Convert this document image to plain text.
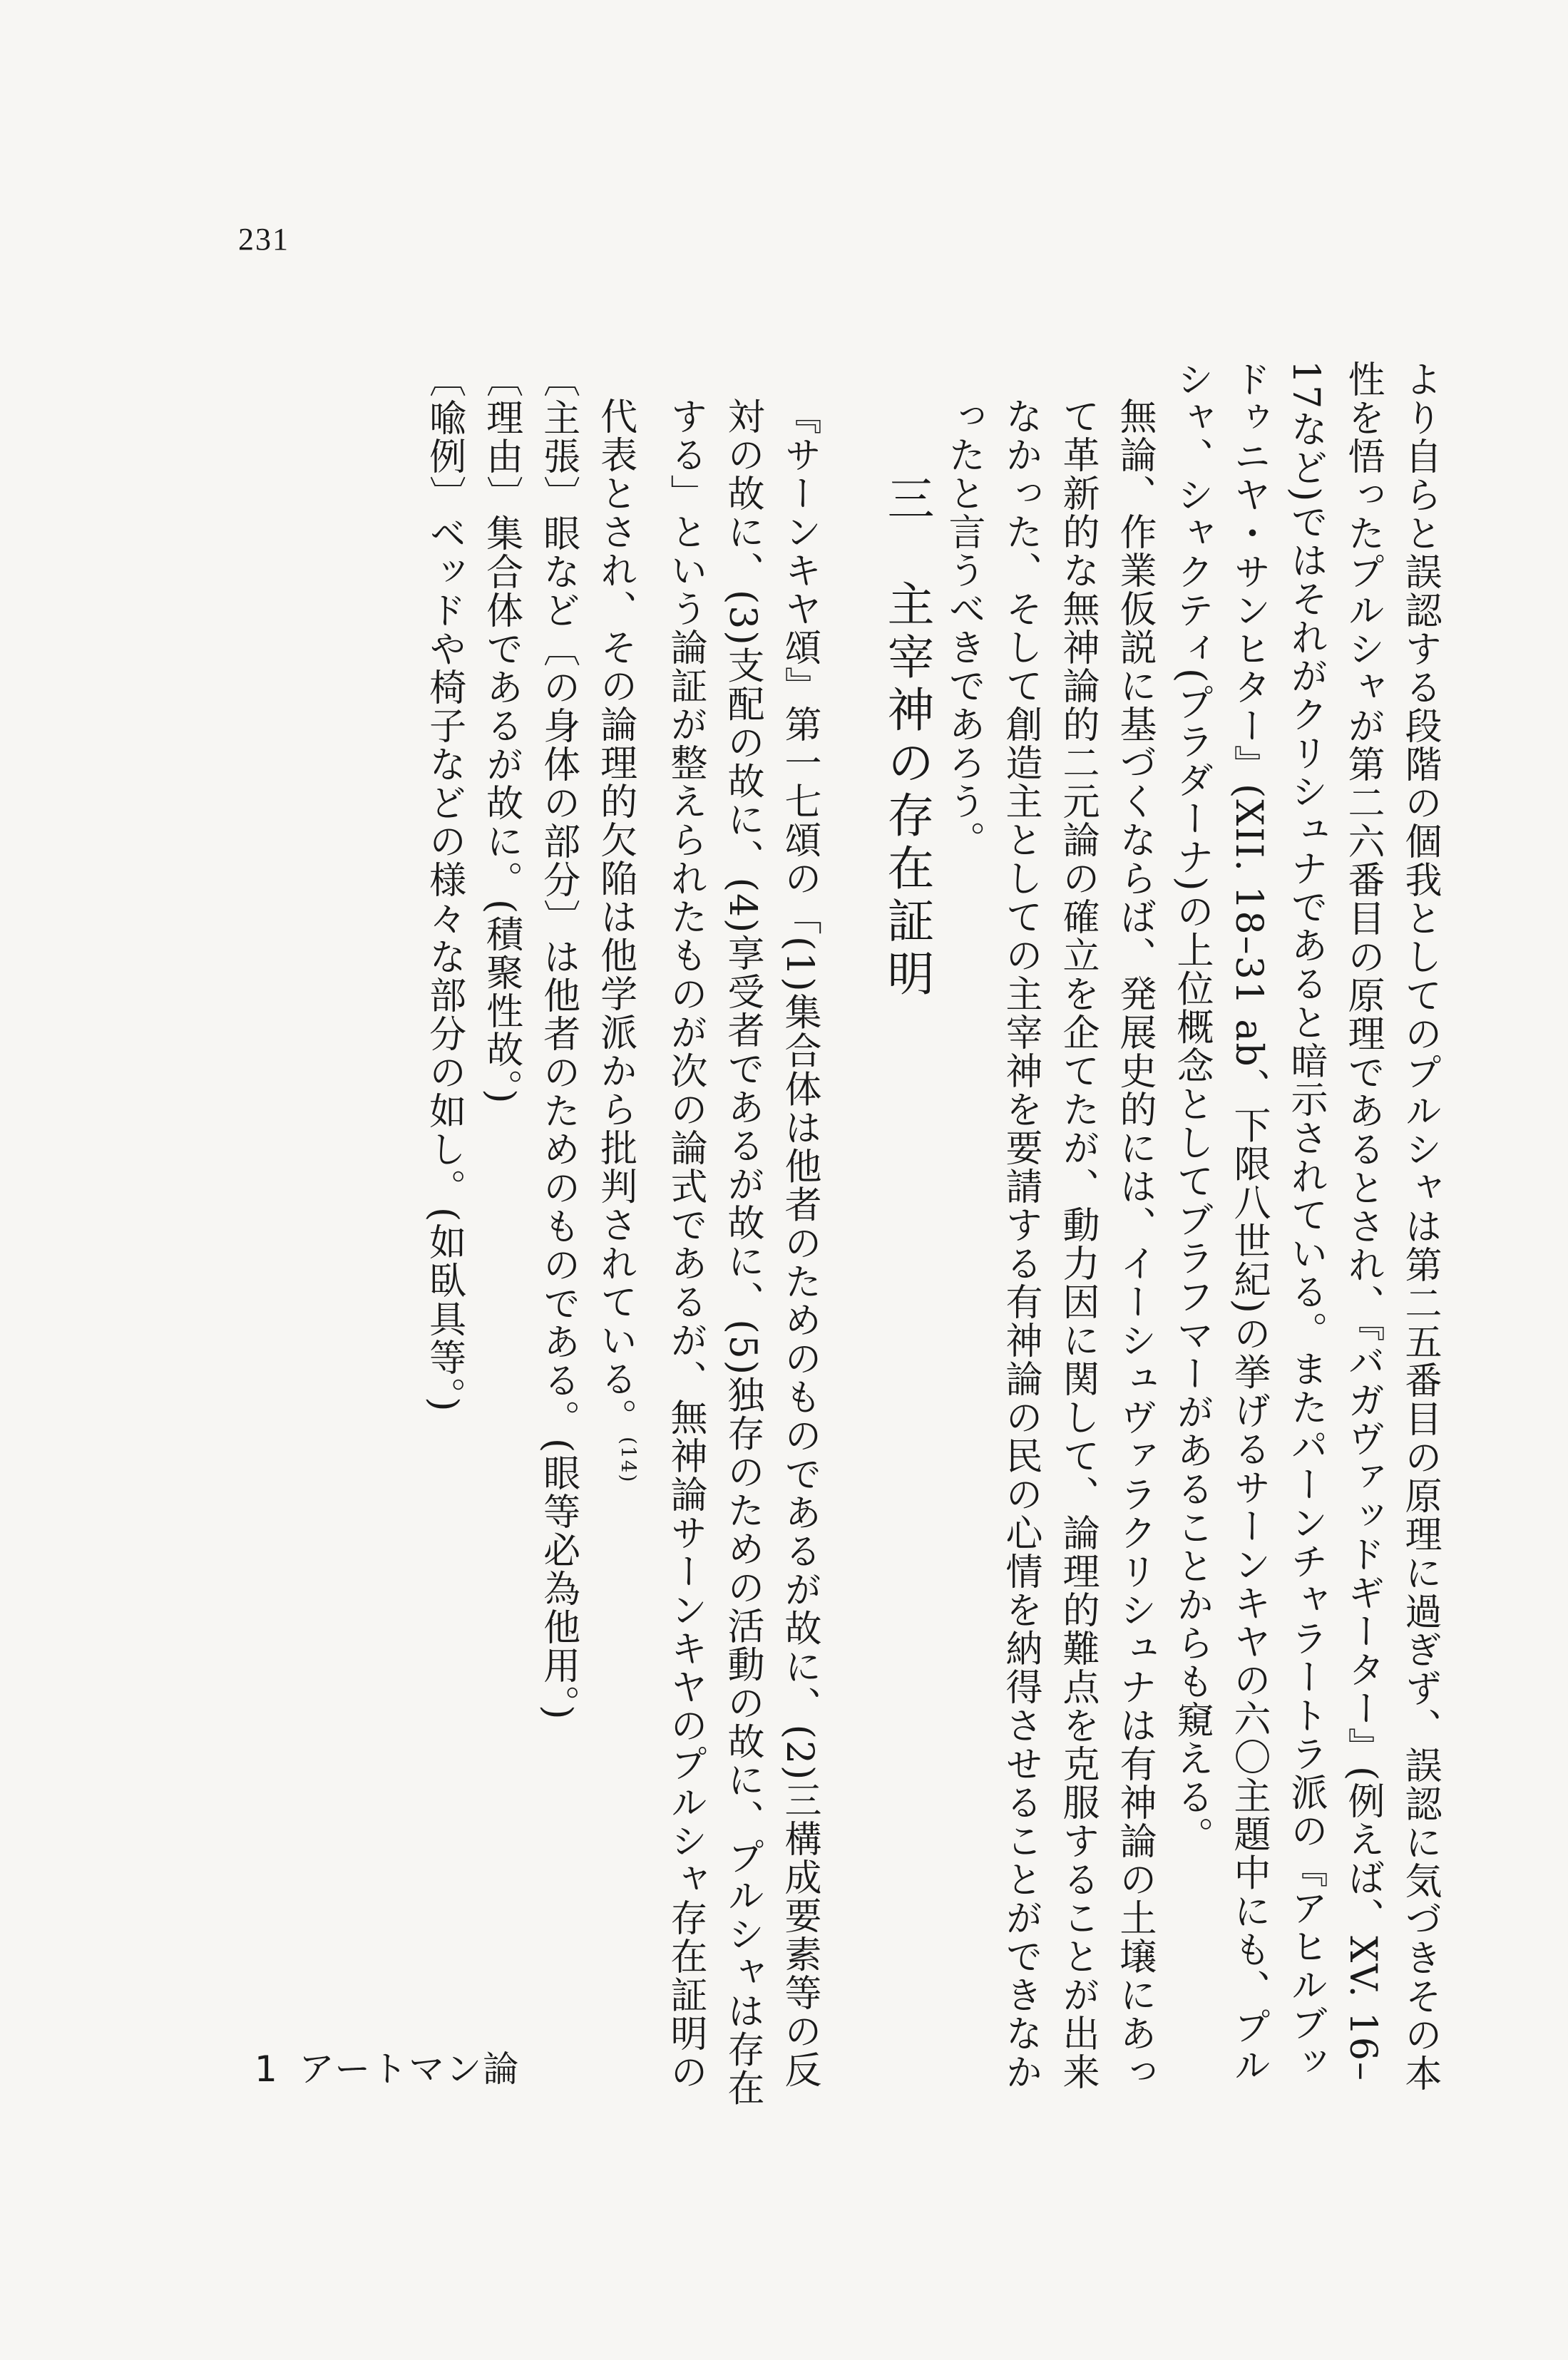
231

より自らと誤認する段階の個我としてのプルシャは第二五番目の原理に過ぎず、誤認に気づきその本性を悟ったプルシャが第二六番目の原理であるとされ、『バガヴァッドギーター』(例えば、XV. 16–17など)ではそれがクリシュナであると暗示されている。またパーンチャラートラ派の『アヒルブッドゥニヤ・サンヒター』(XII. 18–31 ab、下限八世紀)の挙げるサーンキヤの六〇主題中にも、プルシャ、シャクティ(プラダーナ)の上位概念としてブラフマーがあることからも窺える。

無論、作業仮説に基づくならば、発展史的には、イーシュヴァラクリシュナは有神論の土壌にあって革新的な無神論的二元論の確立を企てたが、動力因に関して、論理的難点を克服することが出来なかった、そして創造主としての主宰神を要請する有神論の民の心情を納得させることができなかったと言うべきであろう。

三　主宰神の存在証明

『サーンキヤ頌』第一七頌の「(1)集合体は他者のためのものであるが故に、(2)三構成要素等の反対の故に、(3)支配の故に、(4)享受者であるが故に、(5)独存のための活動の故に、プルシャは存在する」という論証が整えられたものが次の論式であるが、無神論サーンキヤのプルシャ存在証明の代表とされ、その論理的欠陥は他学派から批判されている。$^{(14)}$

〔主張〕眼など〔の身体の部分〕は他者のためのものである。(眼等必為他用。)

〔理由〕集合体であるが故に。(積聚性故。)

〔喩例〕ベッドや椅子などの様々な部分の如し。(如臥具等。)

1 アートマン論
